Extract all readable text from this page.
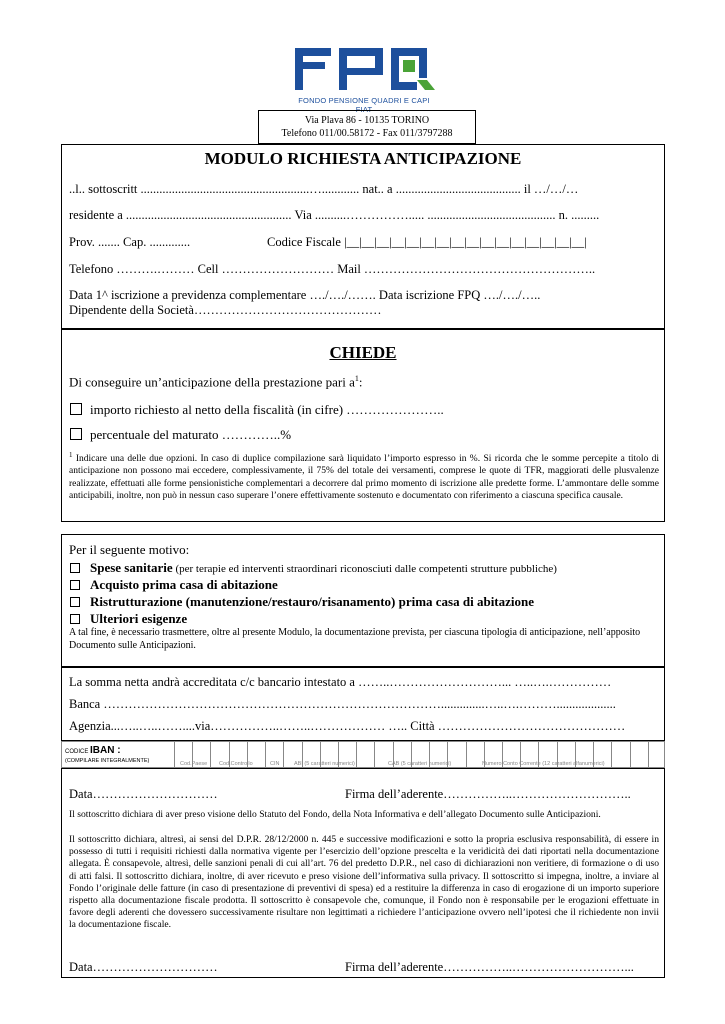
FONDO PENSIONE QUADRI E CAPI FIAT
Via Plava 86 - 10135 TORINO
Telefono 011/00.58172 - Fax 011/3797288
MODULO RICHIESTA ANTICIPAZIONE
..l.. sottoscritt ......................................................…............ nat.. a ........................................ il …/…/…
residente a ..................................................... Via ..........……………..... ......................................... n. .........
Prov. ....... Cap. .............	Codice Fiscale |__|__|__|__|__|__|__|__|__|__|__|__|__|__|__|__|
Telefono ……….……… Cell ……………………… Mail ………………………………………………..
Data 1^ iscrizione a previdenza complementare …./…./……. Data iscrizione FPQ …./…./…..
Dipendente della Società………………………………………
CHIEDE
Di conseguire un’anticipazione della prestazione pari $a^1$:
importo richiesto al netto della fiscalità (in cifre) …………………..
percentuale del maturato …………..%
$^1$ Indicare una delle due opzioni. In caso di duplice compilazione sarà liquidato l’importo espresso in %. Si ricorda che le somme percepite a titolo di anticipazione non possono mai eccedere, complessivamente, il 75% del totale dei versamenti, comprese le quote di TFR, maggiorati delle plusvalenze realizzate, effettuati alle forme pensionistiche complementari a decorrere dal primo momento di iscrizione alle predette forme. L’ammontare delle somme anticipabili, inoltre, non può in nessun caso superare l’onere effettivamente sostenuto e documentato con riferimento a ciascuna specifica causale.
Per il seguente motivo:
Spese sanitarie (per terapie ed interventi straordinari riconosciuti dalle competenti strutture pubbliche)
Acquisto prima casa di abitazione
Ristrutturazione (manutenzione/restauro/risanamento) prima casa di abitazione
Ulteriori esigenze
A tal fine, è necessario trasmettere, oltre al presente Modulo, la documentazione prevista, per ciascuna tipologia di anticipazione, nell’apposito Documento sulle Anticipazioni.
La somma netta andrà accreditata c/c bancario intestato a ……..………………………... …..….……………
Banca ………………………………………………………………………..............…..….………...................
Agenzia...…..…..……....via……………..……..……………… ….. Città ………………………………………
CODICE IBAN :
(COMPILARE INTEGRALMENTE)	Cod.Paese Cod.Controllo	CIN	ABI (5 caratteri numerici)	CAB (5 caratteri numerici)	Numero Conto Corrente (12 caratteri alfanumerici)
Data…………………………	Firma dell’aderente……………..………………………..
Il sottoscritto dichiara di aver preso visione dello Statuto del Fondo, della Nota Informativa e dell’allegato Documento sulle Anticipazioni.
Il sottoscritto dichiara, altresì, ai sensi del D.P.R. 28/12/2000 n. 445 e successive modificazioni e sotto la propria esclusiva responsabilità, di essere in possesso di tutti i requisiti richiesti dalla normativa vigente per l’esercizio dell’opzione prescelta e la veridicità dei dati riportati nella documentazione allegata. È consapevole, altresì, delle sanzioni penali di cui all’art. 76 del predetto D.P.R., nel caso di dichiarazioni non veritiere, di formazione o di uso di atti falsi. Il sottoscritto dichiara, inoltre, di aver ricevuto e preso visione dell’informativa sulla privacy. Il sottoscritto si impegna, inoltre, a inviare al Fondo l’originale delle fatture (in caso di presentazione di preventivi di spesa) ed a restituire la differenza in caso di erogazione di un importo superiore rispetto alla documentazione fiscale prodotta. Il sottoscritto è consapevole che, comunque, il Fondo non è responsabile per le erogazioni effettuate in favore degli aderenti che dovessero successivamente risultare non legittimati a richiedere l’anticipazione ovvero nell’ipotesi che il richiedente non invii la documentazione fiscale.
Data…………………………	Firma dell’aderente……………..………………………...
